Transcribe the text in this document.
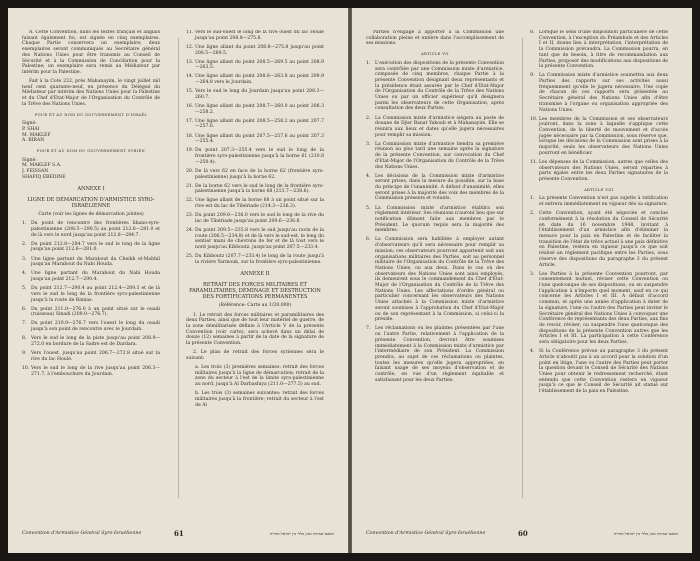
A. Cette Convention, dans les textes français et anglais faisant également foi, est signée en cinq exemplaires. Chaque Partie conservera un exemplaire; deux exemplaires seront communiqués au Secrétaire général des Nations Unies pour être transmis au Conseil de Sécurité et à la Commission de Conciliation pour la Palestine; un exemplaire sera remis au Médiateur par intérim pour la Palestine.

Fait à la Cote 232, près Mahanayim, le vingt juillet mil neuf cent quarante-neuf, en présence du Délégué du Médiateur par intérim des Nations Unies pour la Palestine et du Chef d'Etat-Major de l'Organisation du Contrôle de la Trêve des Nations Unies.

POUR ET AU NOM DU GOUVERNEMENT D'ISRAËL

Signé:

P. SHAI

M. MAKLEF

A. BIRAN

POUR ET AU NOM DU GOUVERNEMENT SYRIEN

Signé:

M. MAKLEF S.A.

J. FEISSAN

SHAFIQ EBEDINE

ANNEXE I

LIGNE DE DÉMARCATION D'ARMISTICE SYRO-ISRAÉLIENNE

Carte (voir les lignes de démarcation jointes)

1. Du point de rencontre des frontières libano-syro-palestinienne (208.5—290.5) au point 212.6—281.0 et de là vers le nord jusqu'au point 212.8—284.7.

2. Du point 212.8—284.7 vers le sud le long de la ligne jusqu'au point 212.6—281.0.

3. Une ligne partant du Marabout du Cheikh el-Mahhil jusqu'au Marabout du Nabi Houda.

4. Une ligne partant du Marabout du Nabi Houda jusqu'au point 212.7—290.4.

5. Du point 212.7—290.4 au point 212.4—289.3 et de là vers le sud le long de la frontière syro-palestinienne jusqu'à la route de Banias.

6. Du point 211.0—276.0 à un point situé sur le ouadi (ruisseau) Sinadi (209.0—276.7).

7. Du point 210.9—276.7 vers l'ouest le long du ouadi jusqu'à son point de rencontre avec le Jourdain.

8. Vers le sud le long de la piste jusqu'au point 208.9—272.0 en bordure de la Sadre est de Dardara.

9. Vers l'ouest, jusqu'au point 206.7—272.8 situé sur la rive du lac Houlé.

10. Vers le sud le long de la rive jusqu'au point 206.3—271.7, à l'embouchure du Jourdain.

11. Vers le sud-ouest le long de la rive ouest du lac Houlé jusqu'au point 208.8—275.8.

12. Une ligne allant du point 208.8—275.8 jusqu'au point 208.5—269.5.

13. Une ligne allant du point 208.5—269.5 au point 208.9—263.5.

14. Une ligne allant du point 208.8—263.8 au point 209.9—264.8 vers le Jourdain.

15. Vers le sud le long du Jourdain jusqu'au point 208.3—260.7.

16. Une ligne allant du point 208.7—260.0 au point 208.3—258.2.

17. Une ligne allant du point 208.5—258.2 au point 207.7—257.6.

18. Une ligne allant du point 207.5—257.6 au point 207.3—255.4.

19. Du point 207.3—255.4 vers le sud le long de la frontière syro-palestinienne jusqu'à la borne 61 (210.8—250.4).

20. De là vers 62 en face de la borne 62 (frontière syro-palestinienne) jusqu'à la borne 62.

21. De la borne 62 vers le sud le long de la frontière syro-palestinienne jusqu'à la borne 68 (213.7—238.6).

22. Une ligne allant de la borne 68 à un point situé sur la rive est du lac de Tibériade (214.3—236.3).

23. Du point 209.6—236.0 vers le sud le long de la rive du lac de Tibériade jusqu'au point 209.6—236.8.

24. Du point 209.5—235.8 vers le sud jusqu'au ravin de la route (206.5—234.8) et de là vers le sud-est, le long du sentier muni de chevrons de fer et de là tout vers le nord jusqu'au Kibboutz. jusqu'au point 207.5—233.4.

25. Du Kibboutz (207.7—233.4) le long de la route jusqu'à la rivière Yarmouk, sur la frontière syro-palestinienne.

ANNEXE II

RETRAIT DES FORCES MILITAIRES ET PARAMILITAIRES, DÉMINAGE ET DESTRUCTION DES FORTIFICATIONS PERMANENTES

(Référence: Carte au 1/20.000)

1. Le retrait des forces militaires et paramilitaires des deux Parties, ainsi que de tout leur matériel de guerre, de la zone démilitarisée définie à l'Article V de la présente Convention (voir carte), sera achevé dans un délai de douze (12) semaines à partir de la date de la signature de la présente Convention.

2. Le plan de retrait des forces syriennes sera le suivant:

a. Les trois (3) premières semaines: retrait des forces militaires jusqu'à la ligne de démarcation; retrait de la zone du secteur à l'est de la limite syro-palestinienne au nord, jusqu'à Al Darbashiya (211.0—277.5) au sud.

b. Les trois (3) semaines suivantes: retrait des forces militaires jusqu'à la frontière; retrait du secteur à l'est de Al

Convention d'Armistice Général Syro-Israélienne	61	הסכם שביתת נשק כללי בין ישראל וסוריה

Parties n'engage à apporter à la Commission une collaboration pleine et entière dans l'accomplissement de ses missions.

ARTICLE VII

1. L'exécution des dispositions de la présente Convention sera contrôlée par une Commission mixte d'armistice, composée de cinq membres, chaque Partie à la présente Convention désignant deux représentants et la présidence étant assurée par le Chef d'Etat-Major de l'Organisation du Contrôle de la Trêve des Nations Unies ou par un officier supérieur qu'il désignera parmi les observateurs de cette Organisation, après consultation des deux Parties.

2. La Commission mixte d'armistice siégera au poste de douane de Djisr Banat Yakoub et à Mahanayim. Elle se réunira aux lieux et dates qu'elle jugera nécessaires pour remplir sa mission.

3. La Commission mixte d'armistice tiendra sa première réunion au plus tard une semaine après la signature de la présente Convention, sur convocation du Chef d'Etat-Major de l'Organisation du Contrôle de la Trêve des Nations Unies.

4. Les décisions de la Commission mixte d'armistice seront prises, dans la mesure du possible, sur la base du principe de l'unanimité. A défaut d'unanimité, elles seront prises à la majorité des voix des membres de la Commission présents et votants.

5. La Commission mixte d'armistice établira son règlement intérieur. Ses réunions n'auront lieu que sur notification dûment faite aux membres par le Président. Le quorum requis sera la majorité des membres.

6. La Commission sera habilitée à employer autant d'observateurs qu'il sera nécessaire pour remplir sa mission; ces observateurs pourront appartenir soit aux organisations militaires des Parties, soit au personnel militaire de l'Organisation du Contrôle de la Trêve des Nations Unies, ou aux deux. Dans le cas où des observateurs des Nations Unies sont ainsi employés, ils demeurent sous le commandement du Chef d'Etat-Major de l'Organisation du Contrôle de la Trêve des Nations Unies. Les affectations d'ordre général ou particulier concernant les observateurs des Nations Unies attachés à la Commission mixte d'armistice seront soumises à l'approbation du Chef d'Etat-Major ou de son représentant à la Commission, si celui-ci la préside.

7. Les réclamations ou les plaintes présentées par l'une ou l'autre Partie, relativement à l'application de la présente Convention, devront être soumises immédiatement à la Commission mixte d'armistice par l'intermédiaire de son Président. La Commission prendra, au sujet de ces réclamations ou plaintes, toutes les mesures qu'elle jugera appropriées, en faisant usage de ses moyens d'observation et de contrôle, en vue d'un règlement équitable et satisfaisant pour les deux Parties.

8. Lorsque le sens d'une disposition particulière de cette Convention, à l'exception du Préambule et des Articles I et II, donne lieu à interprétation, l'interprétation de la Commission prévaudra. La Commission pourra, en tant que de besoin, à titre de recommandation aux Parties, proposer des modifications aux dispositions de la présente Convention.

9. La Commission mixte d'armistice soumettra aux deux Parties des rapports sur ses activités aussi fréquemment qu'elle le jugera nécessaire. Une copie de chacun de ces rapports sera présentée au Secrétaire général des Nations Unies afin d'être transmise à l'organe ou organisation appropriée des Nations Unies.

10. Les membres de la Commission et ses observateurs jouiront, dans la zone à laquelle s'applique cette Convention, de la liberté de mouvement et d'accès jugée nécessaire par la Commission, sous réserve que, lorsque les décisions de la Commission sont prises à la majorité, seuls les observateurs des Nations Unies pourront en bénéficier.

11. Les dépenses de la Commission, autres que celles des observateurs des Nations Unies, seront réparties à parts égales entre les deux Parties signataires de la présente Convention.

ARTICLE VIII

1. La présente Convention n'est pas sujette à ratification et entrera immédiatement en vigueur dès sa signature.

2. Cette Convention, ayant été négociée et conclue conformément à la résolution du Conseil de Sécurité en date du 16 novembre 1948, invitant à l'établissement d'un armistice afin d'éliminer la menace pour la paix en Palestine et de faciliter la transition de l'état de trêve actuel à une paix définitive en Palestine, restera en vigueur jusqu'à ce que soit réalisé un règlement pacifique entre les Parties, sous réserve des dispositions du paragraphe 3 du présent Article.

3. Les Parties à la présente Convention pourront, par consentement mutuel, réviser cette Convention ou l'une quelconque de ses dispositions, ou en suspendre l'application à n'importe quel moment, sauf en ce qui concerne les Articles I et III. A défaut d'accord commun, et après une année d'application à dater de la signature, l'une ou l'autre des Parties peut inviter le Secrétaire général des Nations Unies à convoquer une Conférence de représentants des deux Parties, aux fins de revoir, réviser, ou suspendre l'une quelconque des dispositions de la présente Convention autres que les Articles I et III. La participation à cette Conférence sera obligatoire pour les deux Parties.

4. Si la Conférence prévue au paragraphe 3 du présent Article n'aboutit pas à un accord pour la solution d'un point en litige, l'une ou l'autre des Parties peut porter la question devant le Conseil de Sécurité des Nations Unies pour obtenir le redressement recherché, étant entendu que cette Convention restera en vigueur jusqu'à ce que le Conseil de Sécurité ait statué sur l'établissement de la paix en Palestine.

Convention d'Armistice Général Syro-Israélienne	60	הסכם שביתת נשק כללי בין ישראל וסוריה
